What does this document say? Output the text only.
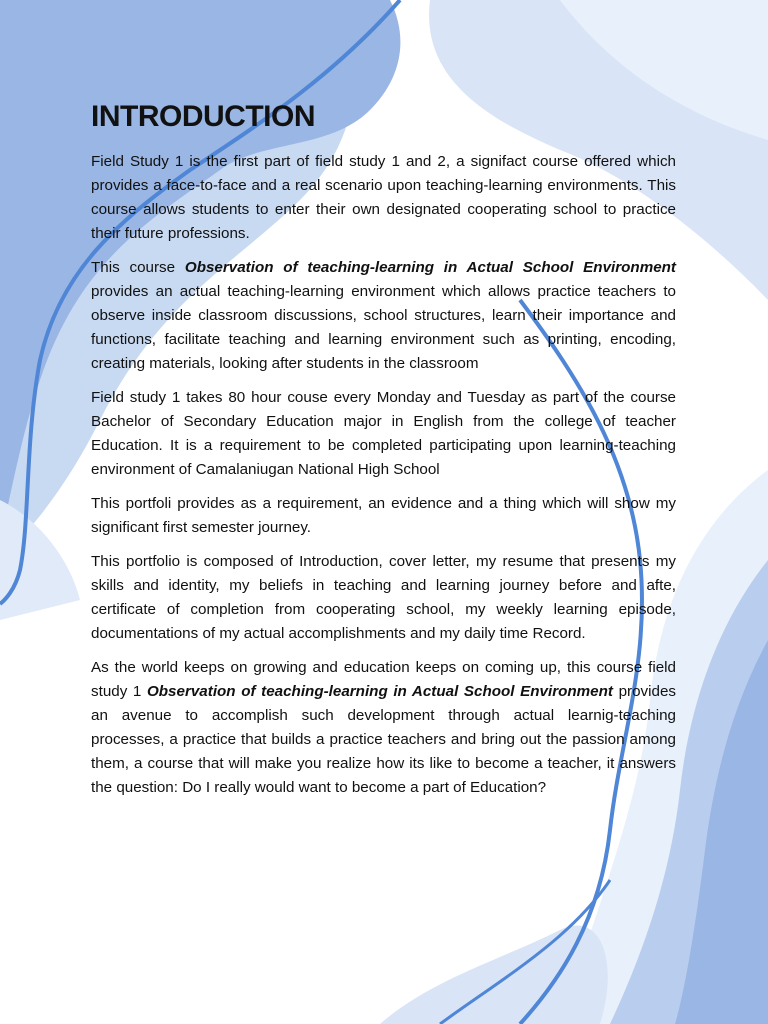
INTRODUCTION

Field Study 1 is the first part of field study 1 and 2, a signifact course offered which provides a face-to-face and a real scenario upon teaching-learning environments. This course allows students to enter their own designated cooperating school to practice their future professions.

This course Observation of teaching-learning in Actual School Environment provides an actual teaching-learning environment which allows practice teachers to observe inside classroom discussions, school structures, learn their importance and functions, facilitate teaching and learning environment such as printing, encoding, creating materials, looking after students in the classroom

Field study 1 takes 80 hour couse every Monday and Tuesday as part of the course Bachelor of Secondary Education major in English from the college of teacher Education. It is a requirement to be completed participating upon learning-teaching environment of Camalaniugan National High School

This portfoli provides as a requirement, an evidence and a thing which will show my significant first semester journey.

This portfolio is composed of Introduction, cover letter, my resume that presents my skills and identity, my beliefs in teaching and learning journey before and afte, certificate of completion from cooperating school, my weekly learning episode, documentations of my actual accomplishments and my daily time Record.

As the world keeps on growing and education keeps on coming up, this course field study 1 Observation of teaching-learning in Actual School Environment provides an avenue to accomplish such development through actual learnig-teaching processes, a practice that builds a practice teachers and bring out the passion among them, a course that will make you realize how its like to become a teacher, it answers the question: Do I really would want to become a part of Education?
